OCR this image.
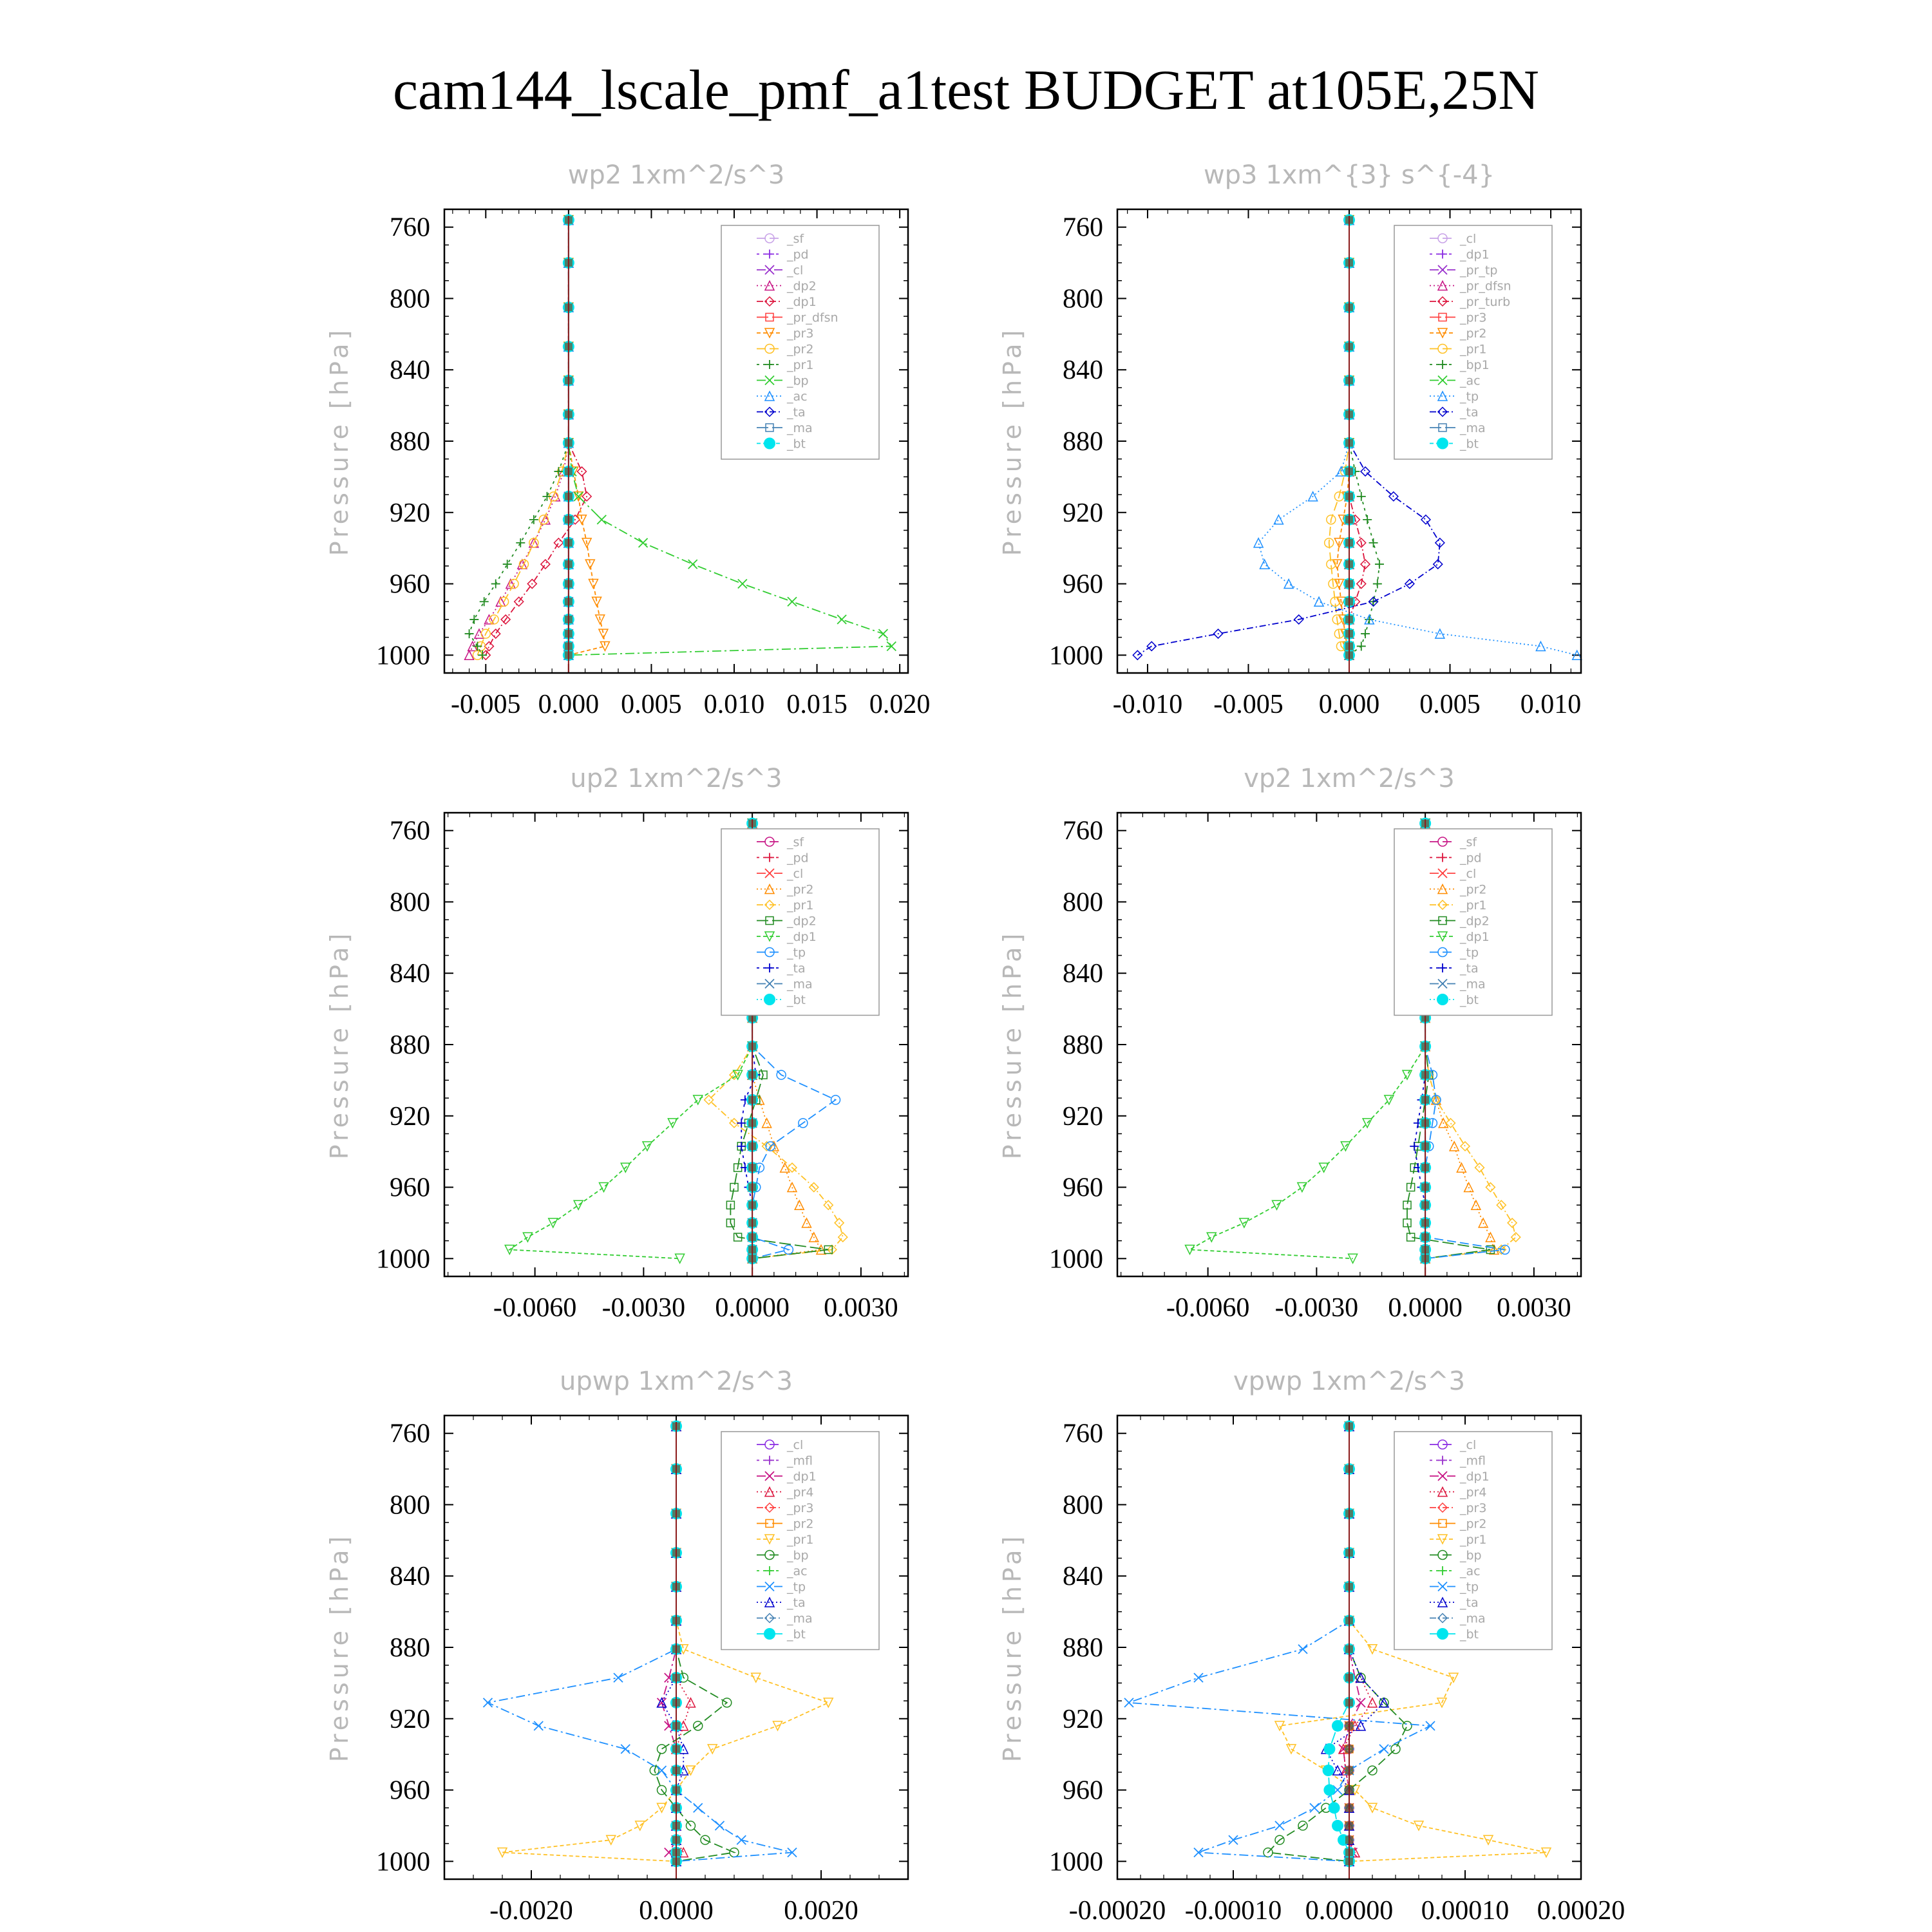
cam144_lscale_pmf_a1test BUDGET at105E,25N
wp2 1xm^2/s^3
Pressure [hPa]
760
800
840
880
920
960
1000
-0.005 0.000 0.005 0.010 0.015 0.020
_sf
_pd
_cl
_dp2
_dp1
_pr_dfsn
_pr3
_pr2
_pr1
_bp
_ac
_ta
_ma
_bt
wp3 1xm^{3} s^{-4}
Pressure [hPa]
760
800
840
880
920
960
1000
-0.010 -0.005 0.000 0.005 0.010
_cl
_dp1
_pr_tp
_pr_dfsn
_pr_turb
_pr3
_pr2
_pr1
_bp1
_ac
_tp
_ta
_ma
_bt
up2 1xm^2/s^3
Pressure [hPa]
760
800
840
880
920
960
1000
-0.0060 -0.0030 0.0000 0.0030
_sf
_pd
_cl
_pr2
_pr1
_dp2
_dp1
_tp
_ta
_ma
_bt
vp2 1xm^2/s^3
Pressure [hPa]
760
800
840
880
920
960
1000
-0.0060 -0.0030 0.0000 0.0030
_sf
_pd
_cl
_pr2
_pr1
_dp2
_dp1
_tp
_ta
_ma
_bt
upwp 1xm^2/s^3
Pressure [hPa]
760
800
840
880
920
960
1000
-0.0020 0.0000	0.0020
_cl
_mfl
_dp1
_pr4
_pr3
_pr2
_pr1
_bp
_ac
_tp
_ta
_ma
_bt
vpwp 1xm^2/s^3
Pressure [hPa]
760
800
840
880
920
960
1000
-0.00020 -0.00010 0.00000 0.00010 0.00020
_cl
_mfl
_dp1
_pr4
_pr3
_pr2
_pr1
_bp
_ac
_tp
_ta
_ma
_bt
